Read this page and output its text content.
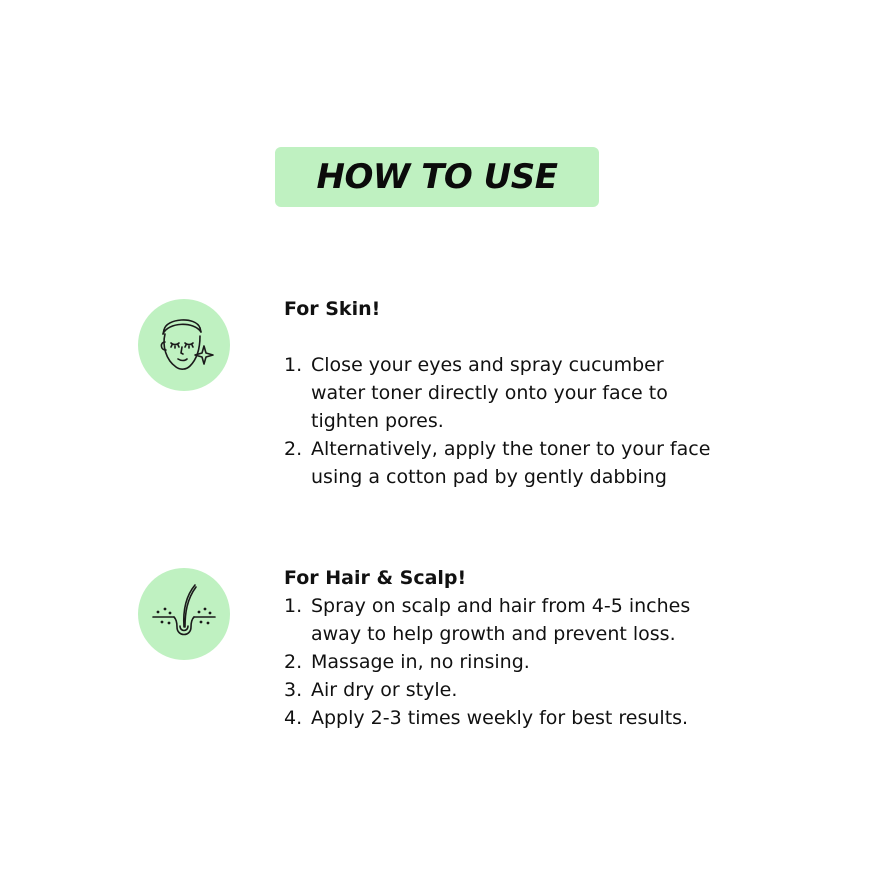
HOW TO USE

For Skin!

1. Close your eyes and spray cucumber
water toner directly onto your face to
tighten pores.
2. Alternatively, apply the toner to your face
using a cotton pad by gently dabbing

For Hair & Scalp!

1. Spray on scalp and hair from 4-5 inches
away to help growth and prevent loss.
2. Massage in, no rinsing.
3. Air dry or style.
4. Apply 2-3 times weekly for best results.
